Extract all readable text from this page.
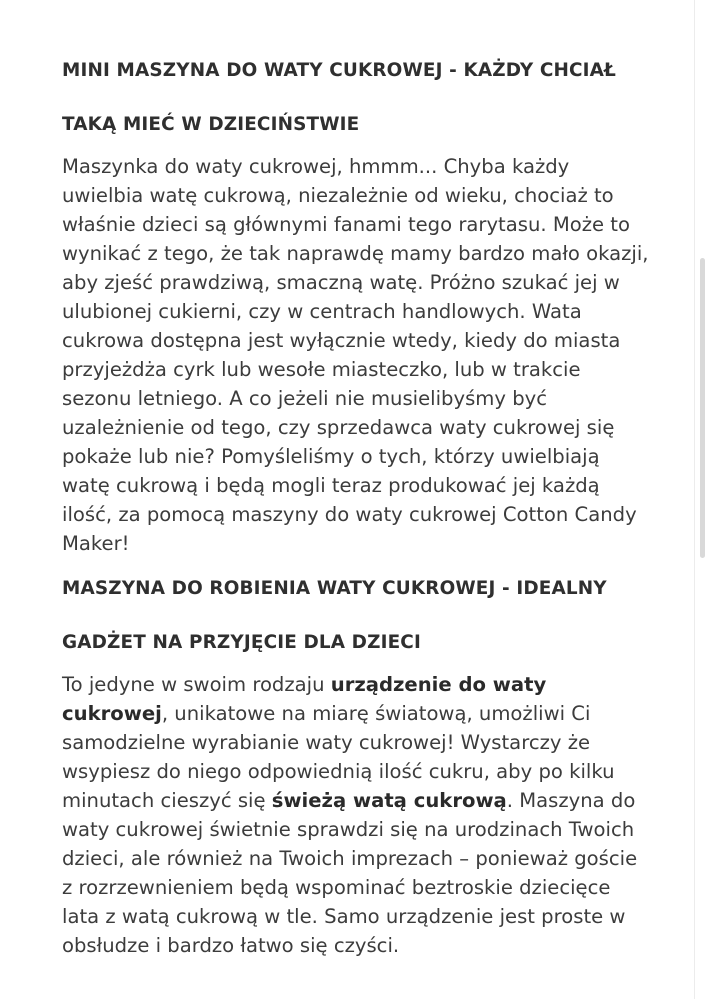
MINI MASZYNA DO WATY CUKROWEJ - KAŻDY CHCIAŁ
TAKĄ MIEĆ W DZIECIŃSTWIE

Maszynka do waty cukrowej, hmmm... Chyba każdy uwielbia watę cukrową, niezależnie od wieku, chociaż to właśnie dzieci są głównymi fanami tego rarytasu. Może to wynikać z tego, że tak naprawdę mamy bardzo mało okazji, aby zjeść prawdziwą, smaczną watę. Próżno szukać jej w ulubionej cukierni, czy w centrach handlowych. Wata cukrowa dostępna jest wyłącznie wtedy, kiedy do miasta przyjeżdża cyrk lub wesołe miasteczko, lub w trakcie sezonu letniego. A co jeżeli nie musielibyśmy być uzależnienie od tego, czy sprzedawca waty cukrowej się pokaże lub nie? Pomyśleliśmy o tych, którzy uwielbiają watę cukrową i będą mogli teraz produkować jej każdą ilość, za pomocą maszyny do waty cukrowej Cotton Candy Maker!

MASZYNA DO ROBIENIA WATY CUKROWEJ - IDEALNY
GADŻET NA PRZYJĘCIE DLA DZIECI

To jedyne w swoim rodzaju urządzenie do waty cukrowej, unikatowe na miarę światową, umożliwi Ci samodzielne wyrabianie waty cukrowej! Wystarczy że wsypiesz do niego odpowiednią ilość cukru, aby po kilku minutach cieszyć się świeżą watą cukrową. Maszyna do waty cukrowej świetnie sprawdzi się na urodzinach Twoich dzieci, ale również na Twoich imprezach – ponieważ goście z rozrzewnieniem będą wspominać beztroskie dziecięce lata z watą cukrową w tle. Samo urządzenie jest proste w obsłudze i bardzo łatwo się czyści.
